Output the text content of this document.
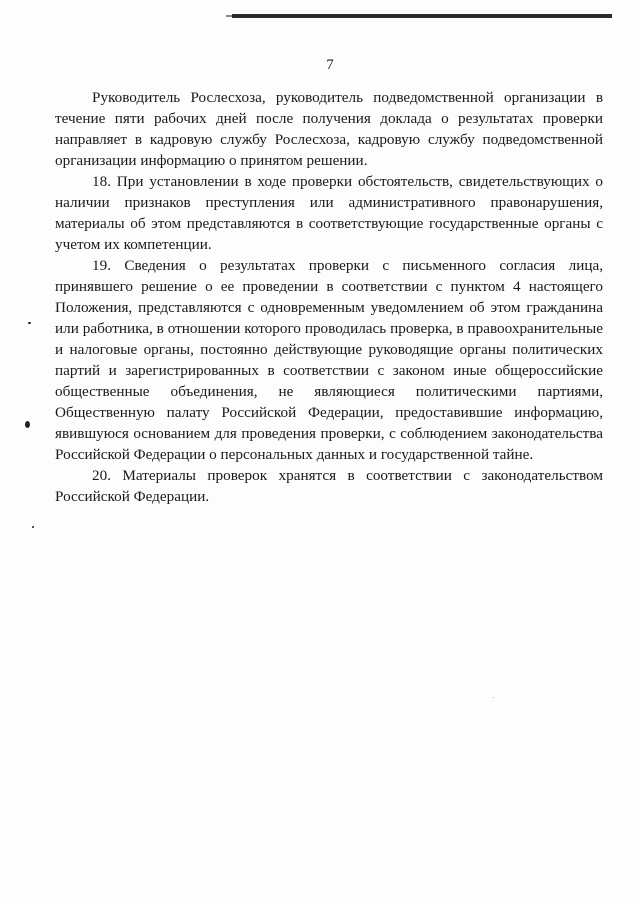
7

Руководитель Рослесхоза, руководитель подведомственной организации в течение пяти рабочих дней после получения доклада о результатах проверки направляет в кадровую службу Рослесхоза, кадровую службу подведомственной организации информацию о принятом решении.

18. При установлении в ходе проверки обстоятельств, свидетельствующих о наличии признаков преступления или административного правонарушения, материалы об этом представляются в соответствующие государственные органы с учетом их компетенции.

19. Сведения о результатах проверки с письменного согласия лица, принявшего решение о ее проведении в соответствии с пунктом 4 настоящего Положения, представляются с одновременным уведомлением об этом гражданина или работника, в отношении которого проводилась проверка, в правоохранительные и налоговые органы, постоянно действующие руководящие органы политических партий и зарегистрированных в соответствии с законом иные общероссийские общественные объединения, не являющиеся политическими партиями, Общественную палату Российской Федерации, предоставившие информацию, явившуюся основанием для проведения проверки, с соблюдением законодательства Российской Федерации о персональных данных и государственной тайне.

20. Материалы проверок хранятся в соответствии с законодательством Российской Федерации.
